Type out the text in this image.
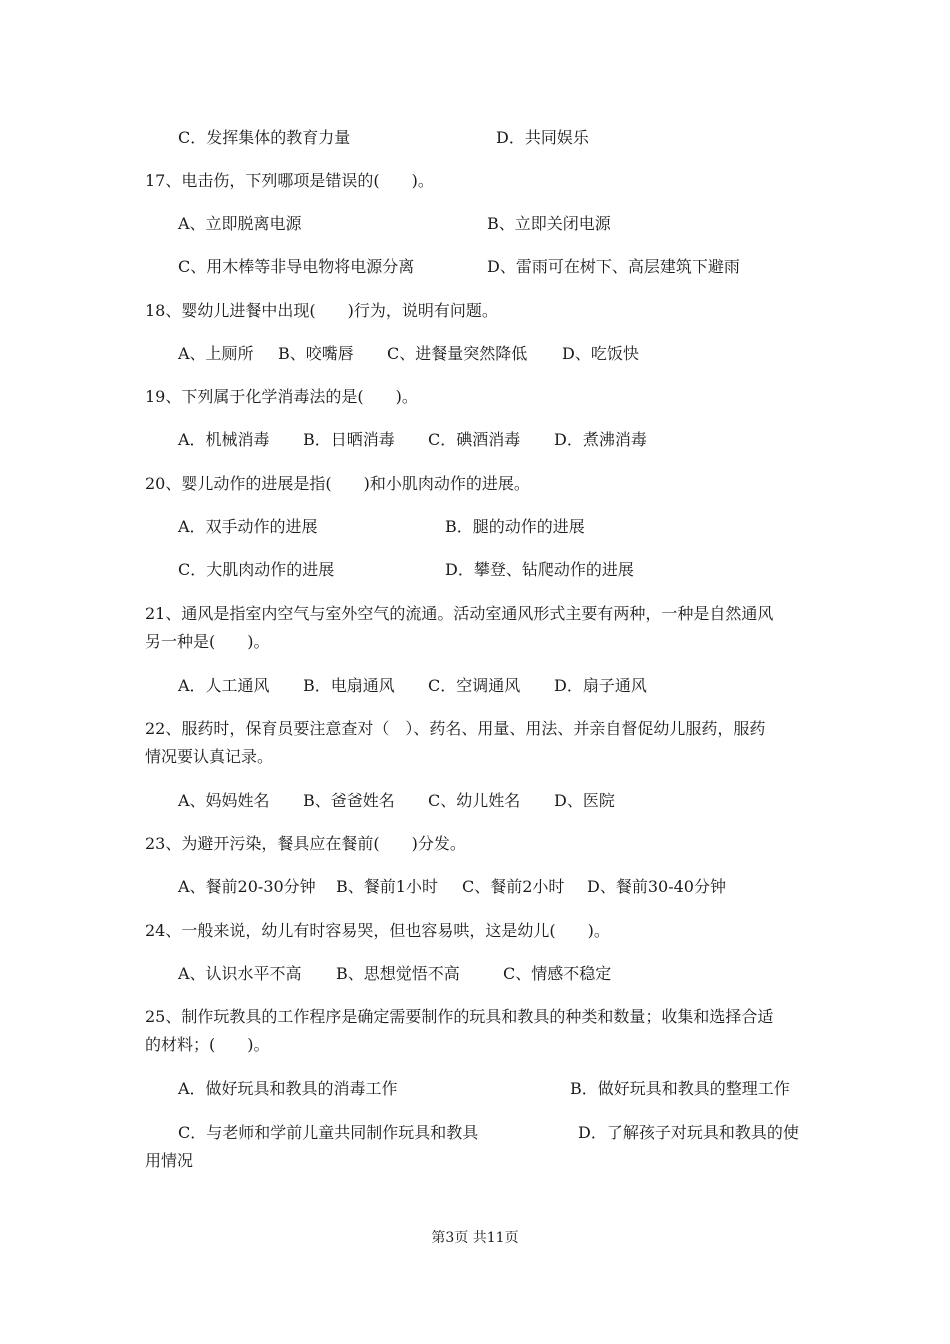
C．发挥集体的教育力量	D．共同娱乐
17、电击伤，下列哪项是错误的(　　)。
A、立即脱离电源	B、立即关闭电源
C、用木棒等非导电物将电源分离	D、雷雨可在树下、高层建筑下避雨
18、婴幼儿进餐中出现(　　)行为，说明有问题。
A、上厕所 B、咬嘴唇 C、进餐量突然降低 D、吃饭快
19、下列属于化学消毒法的是(　　)。
A．机械消毒 B．日晒消毒 C．碘酒消毒 D．煮沸消毒
20、婴儿动作的进展是指(　　)和小肌肉动作的进展。
A．双手动作的进展	B．腿的动作的进展
C．大肌肉动作的进展	D．攀登、钻爬动作的进展
21、通风是指室内空气与室外空气的流通。活动室通风形式主要有两种，一种是自然通风
另一种是(　　)。
A．人工通风 B．电扇通风 C．空调通风 D．扇子通风
22、服药时，保育员要注意查对（　）、药名、用量、用法、并亲自督促幼儿服药，服药
情况要认真记录。
A、妈妈姓名 B、爸爸姓名 C、幼儿姓名 D、医院
23、为避开污染，餐具应在餐前(　　)分发。
A、餐前20-30分钟 B、餐前1小时 C、餐前2小时 D、餐前30-40分钟
24、一般来说，幼儿有时容易哭，但也容易哄，这是幼儿(　　)。
A、认识水平不高 B、思想觉悟不高	C、情感不稳定
25、制作玩教具的工作程序是确定需要制作的玩具和教具的种类和数量；收集和选择合适
的材料；(　　)。
A．做好玩具和教具的消毒工作	B．做好玩具和教具的整理工作
C．与老师和学前儿童共同制作玩具和教具	D．了解孩子对玩具和教具的使
用情况
第3页 共11页
